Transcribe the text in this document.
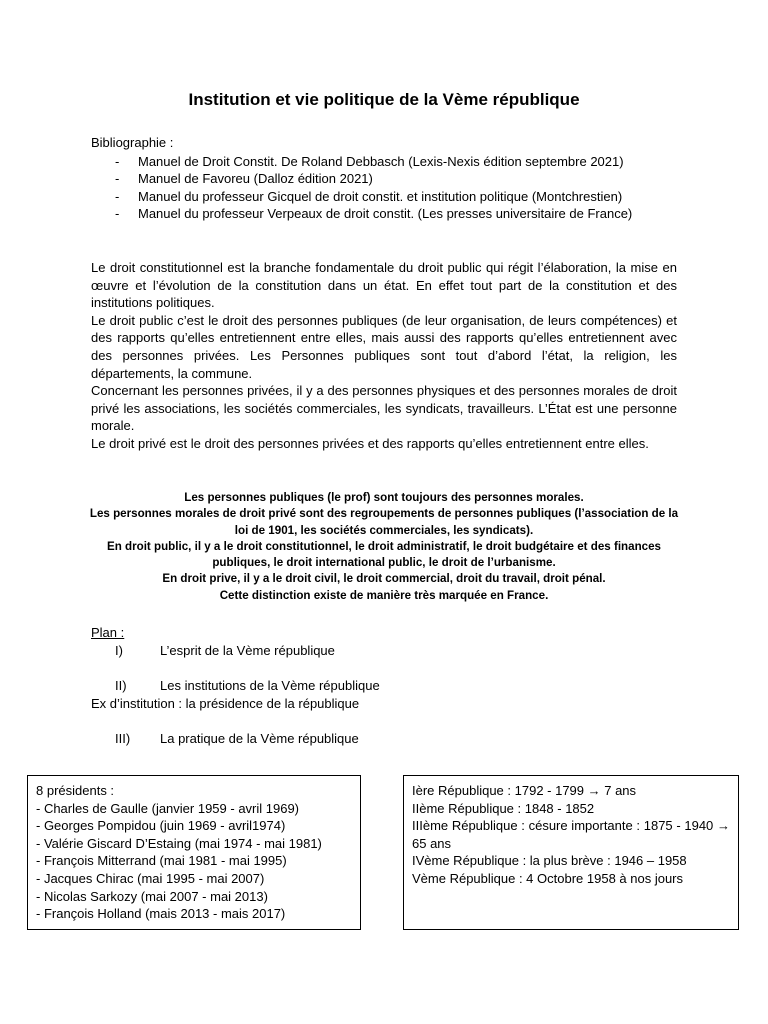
Institution et vie politique de la Vème république

Bibliographie :

- Manuel de Droit Constit. De Roland Debbasch (Lexis-Nexis édition septembre 2021)
- Manuel de Favoreu (Dalloz édition 2021)
- Manuel du professeur Gicquel de droit constit. et institution politique (Montchrestien)
- Manuel du professeur Verpeaux de droit constit. (Les presses universitaire de France)

Le droit constitutionnel est la branche fondamentale du droit public qui régit l’élaboration, la mise en œuvre et l’évolution de la constitution dans un état. En effet tout part de la constitution et des institutions politiques.

Le droit public c’est le droit des personnes publiques (de leur organisation, de leurs compétences) et des rapports qu’elles entretiennent entre elles, mais aussi des rapports qu’elles entretiennent avec des personnes privées. Les Personnes publiques sont tout d’abord l’état, la religion, les départements, la commune.

Concernant les personnes privées, il y a des personnes physiques et des personnes morales de droit privé les associations, les sociétés commerciales, les syndicats, travailleurs. L’État est une personne morale.

Le droit privé est le droit des personnes privées et des rapports qu’elles entretiennent entre elles.

Les personnes publiques (le prof) sont toujours des personnes morales.

Les personnes morales de droit privé sont des regroupements de personnes publiques (l’association de la loi de 1901, les sociétés commerciales, les syndicats).

En droit public, il y a le droit constitutionnel, le droit administratif, le droit budgétaire et des finances publiques, le droit international public, le droit de l’urbanisme.

En droit prive, il y a le droit civil, le droit commercial, droit du travail, droit pénal.

Cette distinction existe de manière très marquée en France.

Plan :

I)	L’esprit de la Vème république
II)	Les institutions de la Vème république

Ex d’institution : la présidence de la république

III) La pratique de la Vème république

8 présidents :

- Charles de Gaulle (janvier 1959 - avril 1969)

- Georges Pompidou (juin 1969 - avril1974)

- Valérie Giscard D’Estaing (mai 1974 - mai 1981)

- François Mitterrand (mai 1981 - mai 1995)

- Jacques Chirac (mai 1995 - mai 2007)

- Nicolas Sarkozy (mai 2007 - mai 2013)

- François Holland (mais 2013 - mais 2017)

Ière République : 1792 - 1799 → 7 ans

IIème République : 1848 - 1852

IIIème République : césure importante : 1875 - 1940 → 65 ans

IVème République : la plus brève : 1946 – 1958

Vème République : 4 Octobre 1958 à nos jours
